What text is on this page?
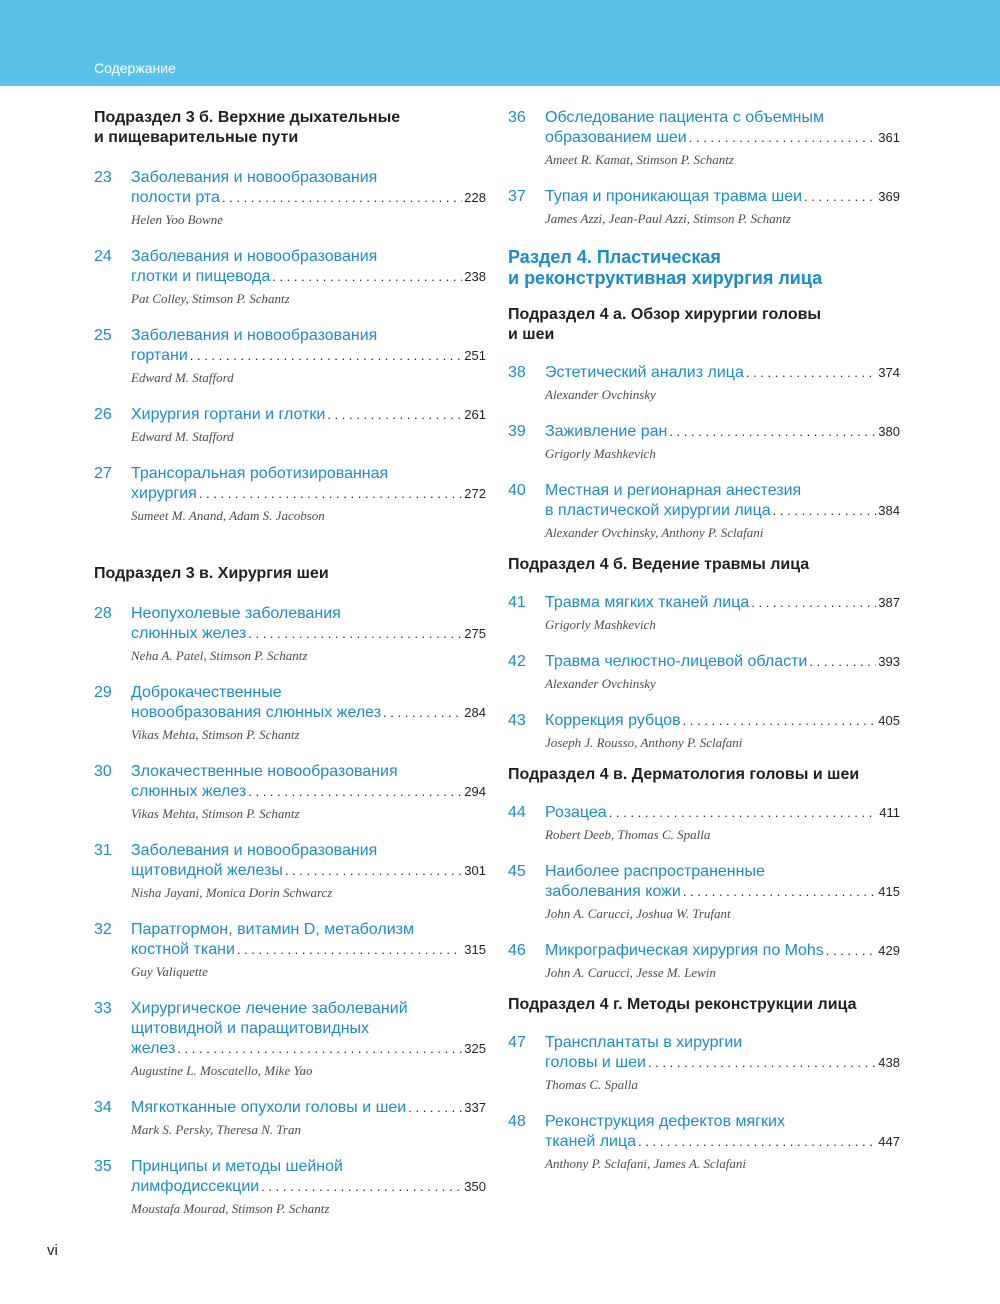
Содержание
Подраздел 3 б. Верхние дыхательные
и пищеварительные пути
23 Заболевания и новообразования
полости рта . . .	228
Helen Yoo Bowne
24 Заболевания и новообразования
глотки и пищевода . . .	238
Pat Colley, Stimson P. Schantz
25 Заболевания и новообразования
гортани . . .	251
Edward M. Stafford
26 Хирургия гортани и глотки . . .	261
Edward M. Stafford
27 Трансоральная роботизированная
хирургия . . .	272
Sumeet M. Anand, Adam S. Jacobson
Подраздел 3 в. Хирургия шеи
28 Неопухолевые заболевания
слюнных желез . . .	275
Neha A. Patel, Stimson P. Schantz
29 Доброкачественные
новообразования слюнных желез . . .	284
Vikas Mehta, Stimson P. Schantz
30 Злокачественные новообразования
слюнных желез . . .	294
Vikas Mehta, Stimson P. Schantz
31 Заболевания и новообразования
щитовидной железы . . .	301
Nisha Jayani, Monica Dorin Schwarcz
32 Паратгормон, витамин D, метаболизм
костной ткани . . .	315
Guy Valiquette
33 Хирургическое лечение заболеваний
щитовидной и паращитовидных
желез . . .	325
Augustine L. Moscatello, Mike Yao
34 Мягкотканные опухоли головы и шеи . . .	337
Mark S. Persky, Theresa N. Tran
35 Принципы и методы шейной
лимфодиссекции . . .	350
Moustafa Mourad, Stimson P. Schantz
36 Обследование пациента с объемным
образованием шеи . . .	361
Ameet R. Kamat, Stimson P. Schantz
37 Тупая и проникающая травма шеи . . .	369
James Azzi, Jean-Paul Azzi, Stimson P. Schantz
Раздел 4. Пластическая
и реконструктивная хирургия лица
Подраздел 4 а. Обзор хирургии головы
и шеи
38 Эстетический анализ лица . . .	374
Alexander Ovchinsky
39 Заживление ран . . .	380
Grigorly Mashkevich
40 Местная и регионарная анестезия
в пластической хирургии лица . . .	384
Alexander Ovchinsky, Anthony P. Sclafani
Подраздел 4 б. Ведение травмы лица
41 Травма мягких тканей лица . . .	387
Grigorly Mashkevich
42 Травма челюстно-лицевой области . . .	393
Alexander Ovchinsky
43 Коррекция рубцов . . .	405
Joseph J. Rousso, Anthony P. Sclafani
Подраздел 4 в. Дерматология головы и шеи
44 Розацеа . . .	411
Robert Deeb, Thomas C. Spalla
45 Наиболее распространенные
заболевания кожи . . .	415
John A. Carucci, Joshua W. Trufant
46 Микрографическая хирургия по Mohs . . .	429
John A. Carucci, Jesse M. Lewin
Подраздел 4 г. Методы реконструкции лица
47 Трансплантаты в хирургии
головы и шеи . . .	438
Thomas C. Spalla
48 Реконструкция дефектов мягких
тканей лица . . .	447
Anthony P. Sclafani, James A. Sclafani
vi
